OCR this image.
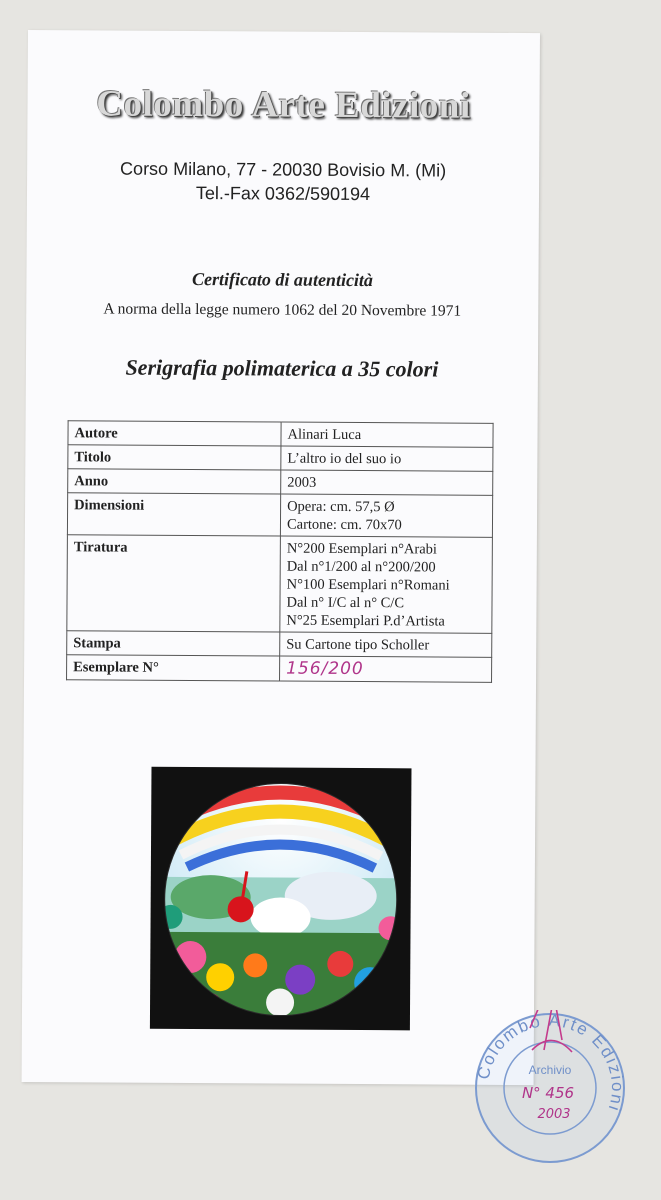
Colombo Arte Edizioni
Corso Milano, 77 - 20030 Bovisio M. (Mi)
Tel.-Fax 0362/590194
Certificato di autenticità
A norma della legge numero 1062 del 20 Novembre 1971
Serigrafia polimaterica a 35 colori
Autore	Alinari Luca
Titolo	L’altro io del suo io
Anno	2003
Dimensioni	Opera: cm. 57,5 Ø
Cartone: cm. 70x70

Tiratura	N°200 Esemplari n°Arabi
Dal n°1/200 al n°200/200
N°100 Esemplari n°Romani
Dal n° I/C al n° C/C
N°25 Esemplari P.d’Artista

Stampa	Su Cartone tipo Scholler
Esemplare N°	156/200
Colombo Arte Edizioni
Archivio
N° 456
2003
